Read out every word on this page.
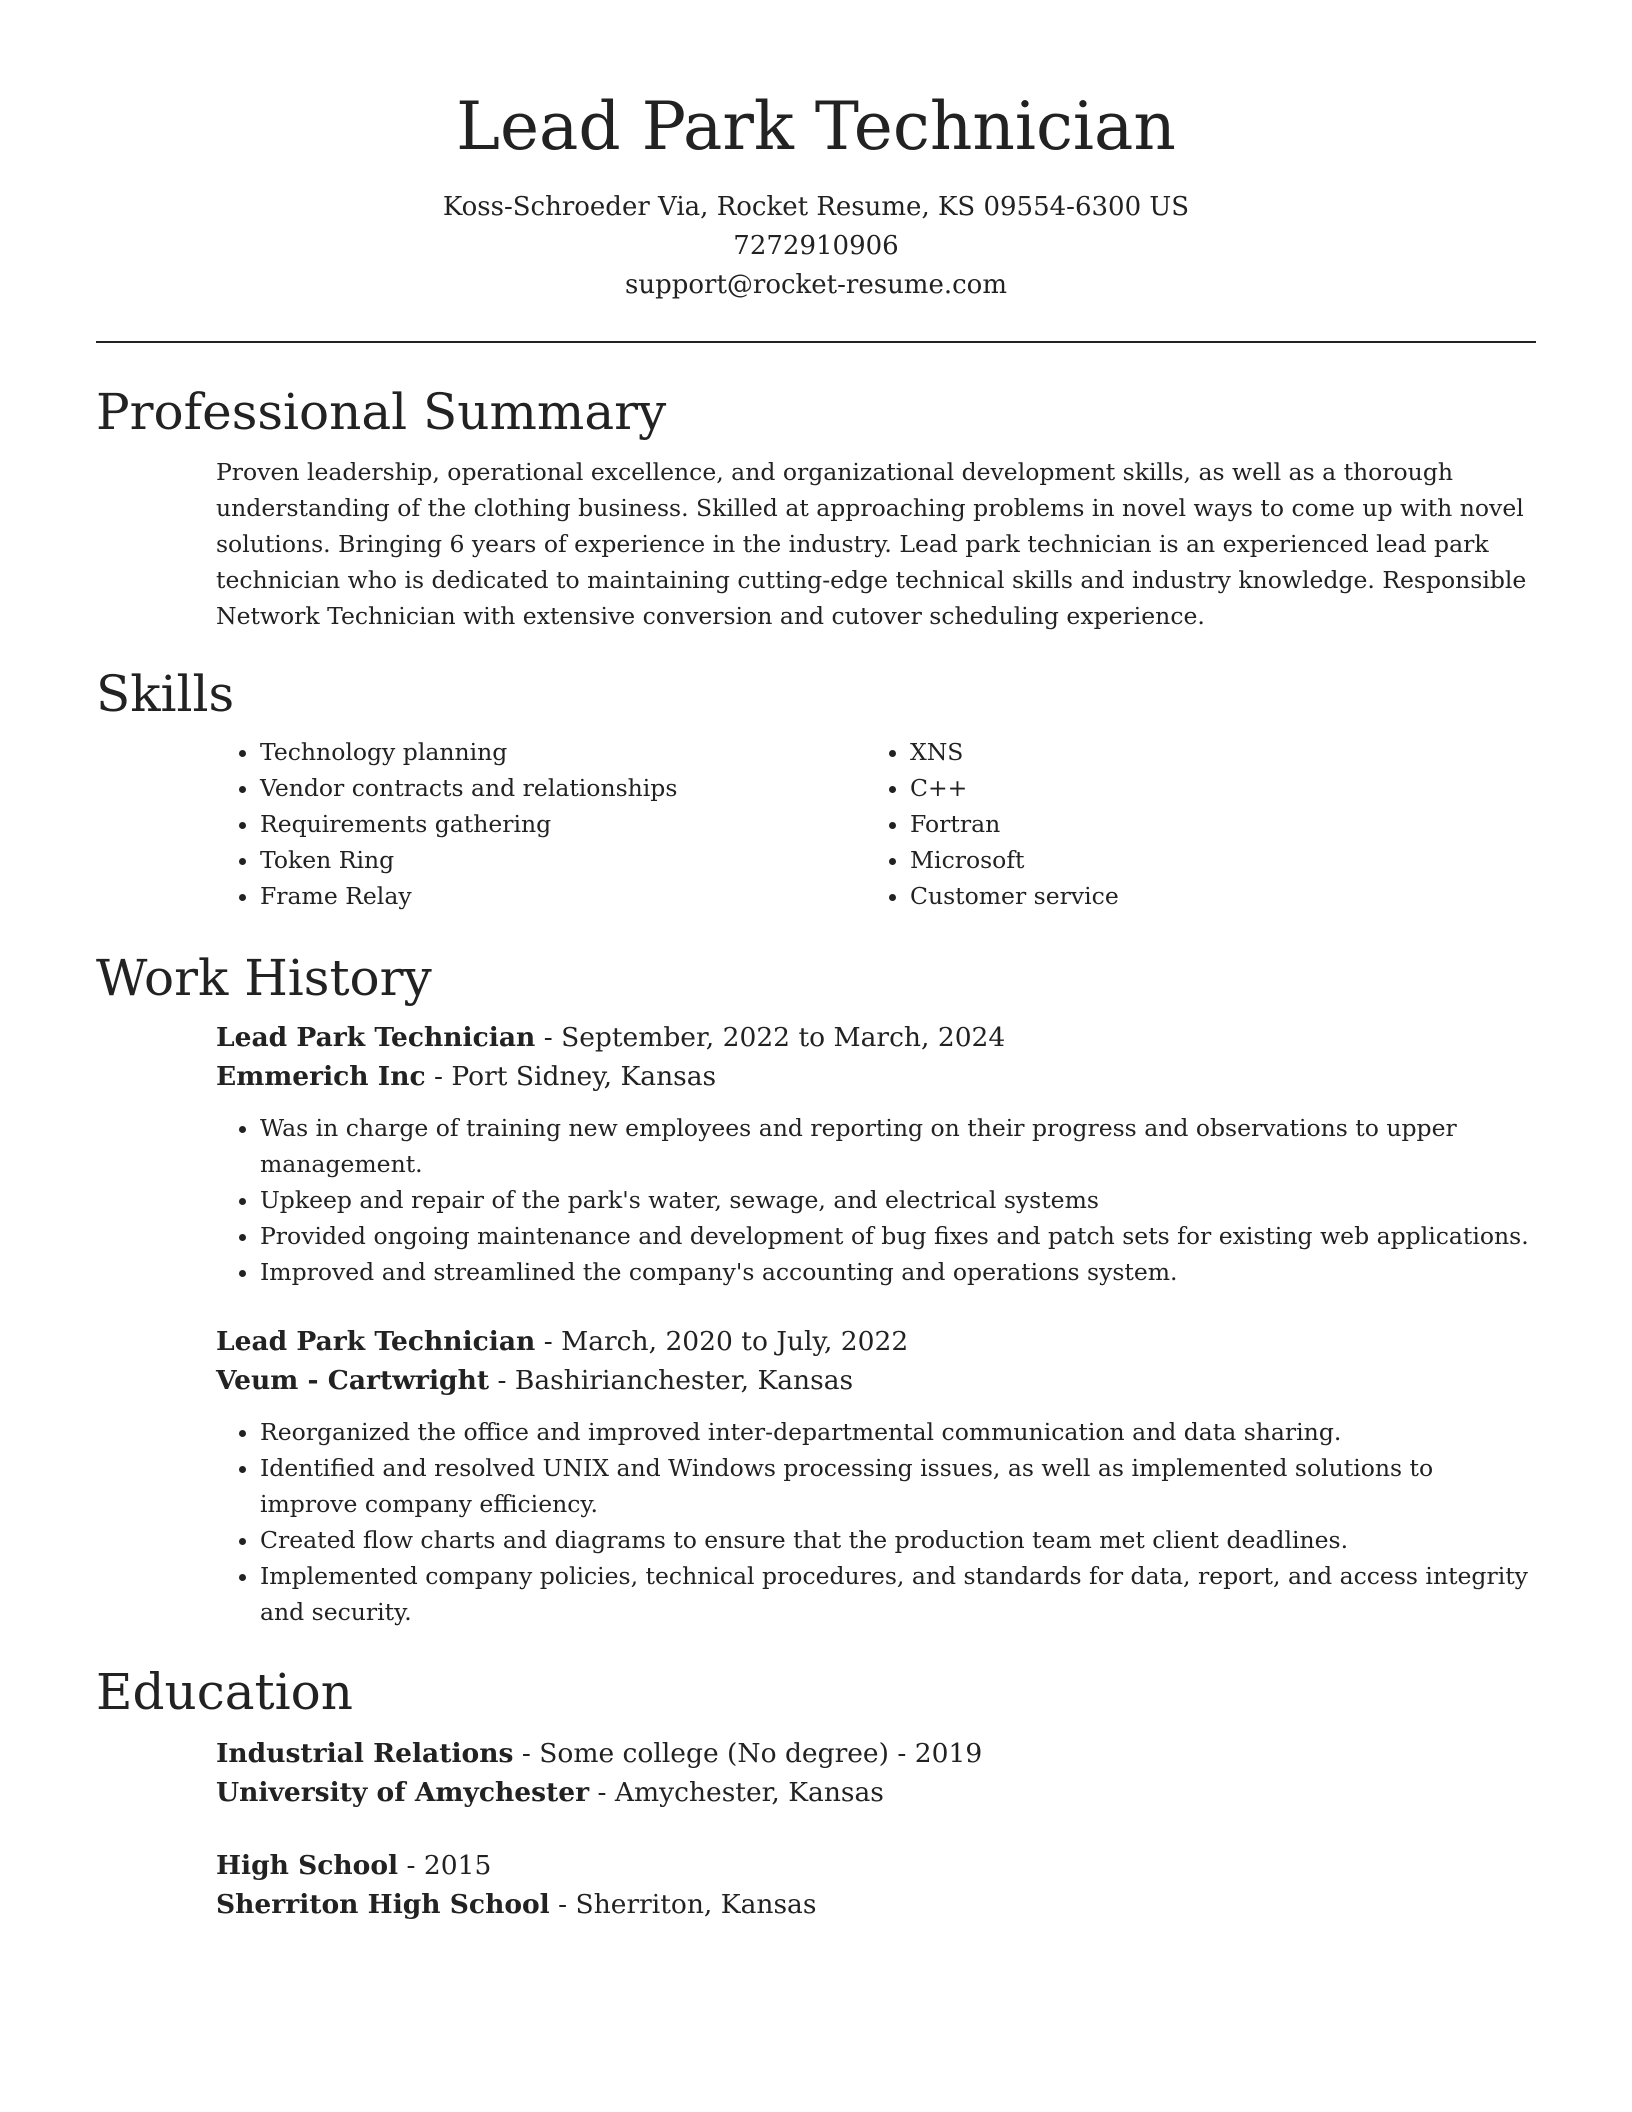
Lead Park Technician
Koss-Schroeder Via, Rocket Resume, KS 09554-6300 US
7272910906
support@rocket-resume.com
Professional Summary
Proven leadership, operational excellence, and organizational development skills, as well as a thorough understanding of the clothing business. Skilled at approaching problems in novel ways to come up with novel solutions. Bringing 6 years of experience in the industry. Lead park technician is an experienced lead park technician who is dedicated to maintaining cutting-edge technical skills and industry knowledge. Responsible Network Technician with extensive conversion and cutover scheduling experience.
Skills
• Technology planning
• Vendor contracts and relationships
• Requirements gathering
• Token Ring
• Frame Relay
• XNS
• C++
• Fortran
• Microsoft
• Customer service
Work History
Lead Park Technician - September, 2022 to March, 2024
Emmerich Inc - Port Sidney, Kansas
• Was in charge of training new employees and reporting on their progress and observations to upper management.
• Upkeep and repair of the park's water, sewage, and electrical systems
• Provided ongoing maintenance and development of bug fixes and patch sets for existing web applications.
• Improved and streamlined the company's accounting and operations system.
Lead Park Technician - March, 2020 to July, 2022
Veum - Cartwright - Bashirianchester, Kansas
• Reorganized the office and improved inter-departmental communication and data sharing.
• Identified and resolved UNIX and Windows processing issues, as well as implemented solutions to improve company efficiency.
• Created flow charts and diagrams to ensure that the production team met client deadlines.
• Implemented company policies, technical procedures, and standards for data, report, and access integrity and security.
Education
Industrial Relations - Some college (No degree) - 2019
University of Amychester - Amychester, Kansas
High School - 2015
Sherriton High School - Sherriton, Kansas
